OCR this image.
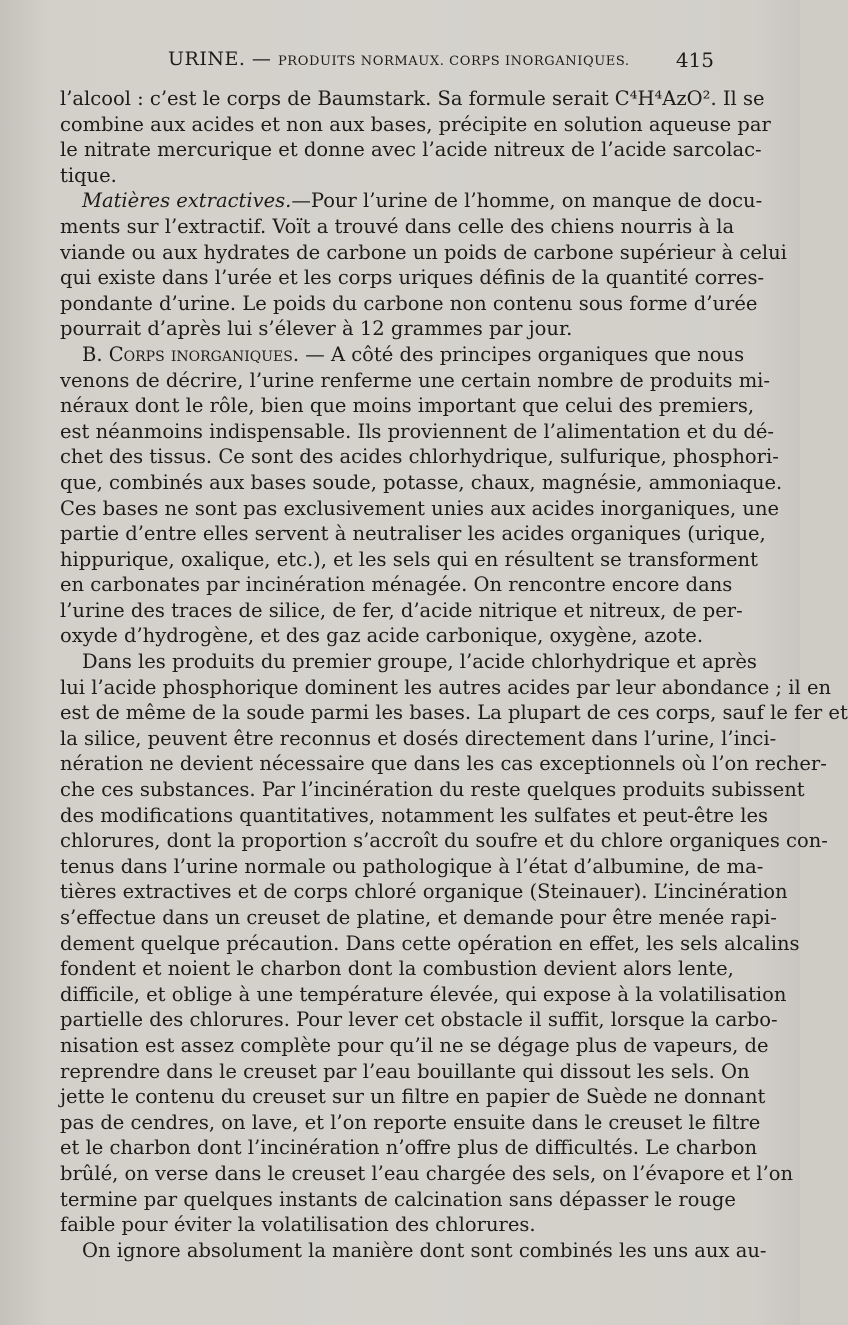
URINE. — PRODUITS NORMAUX. CORPS INORGANIQUES. 415
l’alcool : c’est le corps de Baumstark. Sa formule serait C⁴H⁴AzO². Il se
combine aux acides et non aux bases, précipite en solution aqueuse par
le nitrate mercurique et donne avec l’acide nitreux de l’acide sarcolac-
tique.
Matières extractives.—Pour l’urine de l’homme, on manque de docu-
ments sur l’extractif. Voït a trouvé dans celle des chiens nourris à la
viande ou aux hydrates de carbone un poids de carbone supérieur à celui
qui existe dans l’urée et les corps uriques définis de la quantité corres-
pondante d’urine. Le poids du carbone non contenu sous forme d’urée
pourrait d’après lui s’élever à 12 grammes par jour.
B. Corps inorganiques. — A côté des principes organiques que nous
venons de décrire, l’urine renferme une certain nombre de produits mi-
néraux dont le rôle, bien que moins important que celui des premiers,
est néanmoins indispensable. Ils proviennent de l’alimentation et du dé-
chet des tissus. Ce sont des acides chlorhydrique, sulfurique, phosphori-
que, combinés aux bases soude, potasse, chaux, magnésie, ammoniaque.
Ces bases ne sont pas exclusivement unies aux acides inorganiques, une
partie d’entre elles servent à neutraliser les acides organiques (urique,
hippurique, oxalique, etc.), et les sels qui en résultent se transforment
en carbonates par incinération ménagée. On rencontre encore dans
l’urine des traces de silice, de fer, d’acide nitrique et nitreux, de per-
oxyde d’hydrogène, et des gaz acide carbonique, oxygène, azote.
Dans les produits du premier groupe, l’acide chlorhydrique et après
lui l’acide phosphorique dominent les autres acides par leur abondance ; il en
est de même de la soude parmi les bases. La plupart de ces corps, sauf le fer et
la silice, peuvent être reconnus et dosés directement dans l’urine, l’inci-
nération ne devient nécessaire que dans les cas exceptionnels où l’on recher-
che ces substances. Par l’incinération du reste quelques produits subissent
des modifications quantitatives, notamment les sulfates et peut-être les
chlorures, dont la proportion s’accroît du soufre et du chlore organiques con-
tenus dans l’urine normale ou pathologique à l’état d’albumine, de ma-
tières extractives et de corps chloré organique (Steinauer). L’incinération
s’effectue dans un creuset de platine, et demande pour être menée rapi-
dement quelque précaution. Dans cette opération en effet, les sels alcalins
fondent et noient le charbon dont la combustion devient alors lente,
difficile, et oblige à une température élevée, qui expose à la volatilisation
partielle des chlorures. Pour lever cet obstacle il suffit, lorsque la carbo-
nisation est assez complète pour qu’il ne se dégage plus de vapeurs, de
reprendre dans le creuset par l’eau bouillante qui dissout les sels. On
jette le contenu du creuset sur un filtre en papier de Suède ne donnant
pas de cendres, on lave, et l’on reporte ensuite dans le creuset le filtre
et le charbon dont l’incinération n’offre plus de difficultés. Le charbon
brûlé, on verse dans le creuset l’eau chargée des sels, on l’évapore et l’on
termine par quelques instants de calcination sans dépasser le rouge
faible pour éviter la volatilisation des chlorures.
On ignore absolument la manière dont sont combinés les uns aux au-
